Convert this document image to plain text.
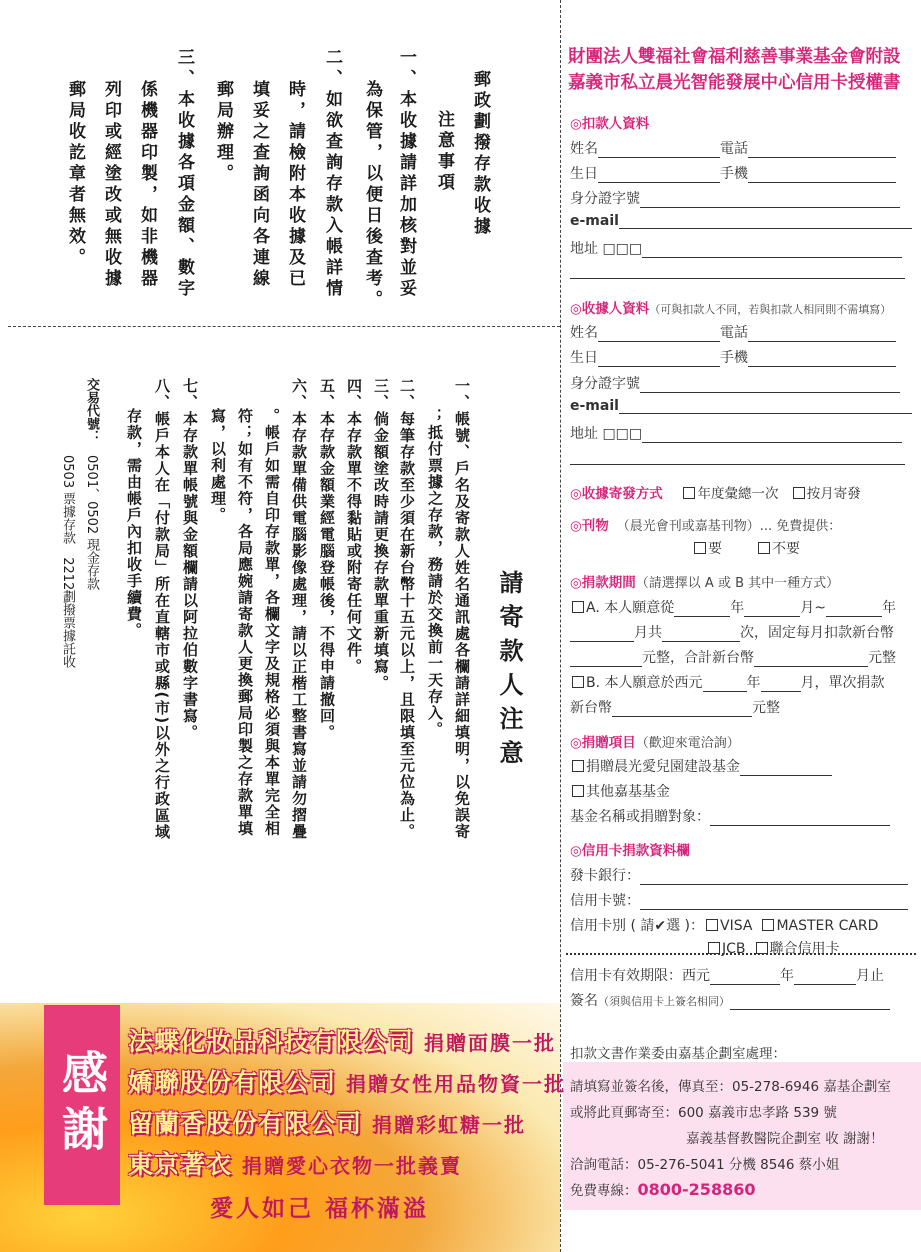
郵政劃撥存款收據
注意事項
一、本收據請詳加核對並妥
為保管，以便日後查考。
二、如欲查詢存款入帳詳情
時，請檢附本收據及已
填妥之查詢函向各連線
郵局辦理。
三、本收據各項金額、數字
係機器印製，如非機器
列印或經塗改或無收據
郵局收訖章者無效。
請寄款人注意
一、帳號、戶名及寄款人姓名通訊處各欄請詳細填明，以免誤寄
；抵付票據之存款，務請於交換前一天存入。
二、每筆存款至少須在新台幣十五元以上，且限填至元位為止。
三、倘金額塗改時請更換存款單重新填寫。
四、本存款單不得黏貼或附寄任何文件。
五、本存款金額業經電腦登帳後，不得申請撤回。
六、本存款單備供電腦影像處理，請以正楷工整書寫並請勿摺疊
。帳戶如需自印存款單，各欄文字及規格必須與本單完全相
符；如有不符，各局應婉請寄款人更換郵局印製之存款單填
寫，以利處理。
七、本存款單帳號與金額欄請以阿拉伯數字書寫。
八、帳戶本人在「付款局」所在直轄市或縣(市)以外之行政區域
存款，需由帳戶內扣收手續費。
交易代號：
0501、0502 現金存款
0503 票據存款　2212劃撥票據託收
財團法人雙福社會福利慈善事業基金會附設
嘉義市私立晨光智能發展中心信用卡授權書
◎扣款人資料
姓名	電話
生日	手機
身分證字號
e-mail
地址 □□□
◎收據人資料（可與扣款人不同，若與扣款人相同則不需填寫）
姓名	電話
生日	手機
身分證字號
e-mail
地址 □□□
◎收據寄發方式	年度彙總一次 按月寄發
◎刊物 （晨光會刊或嘉基刊物）... 免費提供：
要	不要
◎捐款期間（請選擇以 A 或 B 其中一種方式）
A. 本人願意從	年	月~	年
月共	次，固定每月扣款新台幣
元整，合計新台幣	元整
B. 本人願意於西元	年	月，單次捐款
新台幣	元整
◎捐贈項目（歡迎來電洽詢）
捐贈晨光愛兒園建設基金
其他嘉基基金
基金名稱或捐贈對象：
◎信用卡捐款資料欄
發卡銀行：
信用卡號：
信用卡別 ( 請✔選 )： VISA MASTER CARD
JCB 聯合信用卡
信用卡有效期限：西元	年	月止
簽名（須與信用卡上簽名相同）
扣款文書作業委由嘉基企劃室處理：
請填寫並簽名後，傳真至：05-278-6946 嘉基企劃室
或將此頁郵寄至：600 嘉義市忠孝路 539 號
嘉義基督教醫院企劃室 收 謝謝！
洽詢電話：05-276-5041 分機 8546 蔡小姐
免費專線：0800-258860
感謝
法蝶化妝品科技有限公司 捐贈面膜一批
嬌聯股份有限公司 捐贈女性用品物資一批
留蘭香股份有限公司 捐贈彩虹糖一批
東京著衣 捐贈愛心衣物一批義賣
愛人如己 福杯滿溢
